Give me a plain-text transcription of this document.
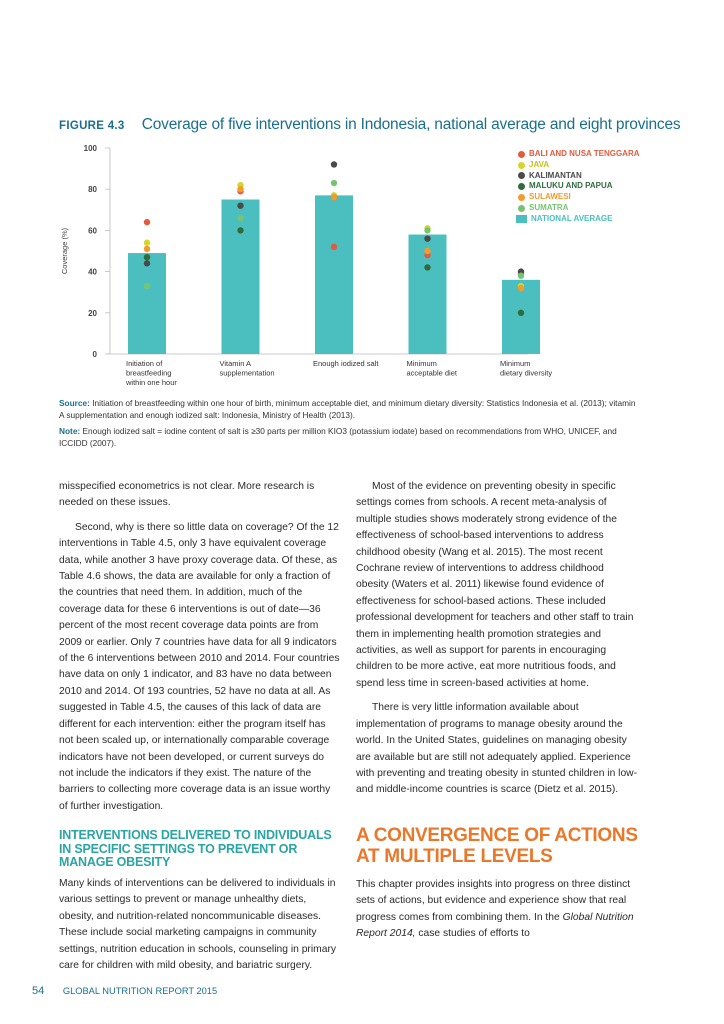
FIGURE 4.3 Coverage of five interventions in Indonesia, national average and eight provinces
0
20
40
60
80
100
Coverage (%)
Initiation of
breastfeeding
within one hour
Vitamin A
supplementation
Enough iodized salt	Minimum
acceptable diet
Minimum
dietary diversity
BALI AND NUSA TENGGARA
JAVA
KALIMANTAN
MALUKU AND PAPUA
SULAWESI
SUMATRA
NATIONAL AVERAGE
Source: Initiation of breastfeeding within one hour of birth, minimum acceptable diet, and minimum dietary diversity: Statistics Indonesia et al. (2013); vitamin A supplementation and enough iodized salt: Indonesia, Ministry of Health (2013).
Note: Enough iodized salt = iodine content of salt is ≥30 parts per million KIO3 (potassium iodate) based on recommendations from WHO, UNICEF, and ICCIDD (2007).

misspecified econometrics is not clear. More research is needed on these issues.

Second, why is there so little data on coverage? Of the 12 interventions in Table 4.5, only 3 have equivalent coverage data, while another 3 have proxy coverage data. Of these, as Table 4.6 shows, the data are available for only a fraction of the countries that need them. In addition, much of the coverage data for these 6 interventions is out of date—36 percent of the most recent coverage data points are from 2009 or earlier. Only 7 countries have data for all 9 indicators of the 6 interventions between 2010 and 2014. Four countries have data on only 1 indicator, and 83 have no data between 2010 and 2014. Of 193 countries, 52 have no data at all. As suggested in Table 4.5, the causes of this lack of data are different for each intervention: either the program itself has not been scaled up, or internationally comparable coverage indicators have not been developed, or current surveys do not include the indicators if they exist. The nature of the barriers to collecting more coverage data is an issue worthy of further investigation.

INTERVENTIONS DELIVERED TO INDIVIDUALS IN SPECIFIC SETTINGS TO PREVENT OR MANAGE OBESITY

Many kinds of interventions can be delivered to individuals in various settings to prevent or manage unhealthy diets, obesity, and nutrition-related noncommunicable diseases. These include social marketing campaigns in community settings, nutrition education in schools, counseling in primary care for children with mild obesity, and bariatric surgery.

Most of the evidence on preventing obesity in specific settings comes from schools. A recent meta-analysis of multiple studies shows moderately strong evidence of the effectiveness of school-based interventions to address childhood obesity (Wang et al. 2015). The most recent Cochrane review of interventions to address childhood obesity (Waters et al. 2011) likewise found evidence of effectiveness for school-based actions. These included professional development for teachers and other staff to train them in implementing health promotion strategies and activities, as well as support for parents in encouraging children to be more active, eat more nutritious foods, and spend less time in screen-based activities at home.

There is very little information available about implementation of programs to manage obesity around the world. In the United States, guidelines on managing obesity are available but are still not adequately applied. Experience with preventing and treating obesity in stunted children in low- and middle-income countries is scarce (Dietz et al. 2015).

A CONVERGENCE OF ACTIONS AT MULTIPLE LEVELS

This chapter provides insights into progress on three distinct sets of actions, but evidence and experience show that real progress comes from combining them. In the Global Nutrition Report 2014, case studies of efforts to

54 GLOBAL NUTRITION REPORT 2015
